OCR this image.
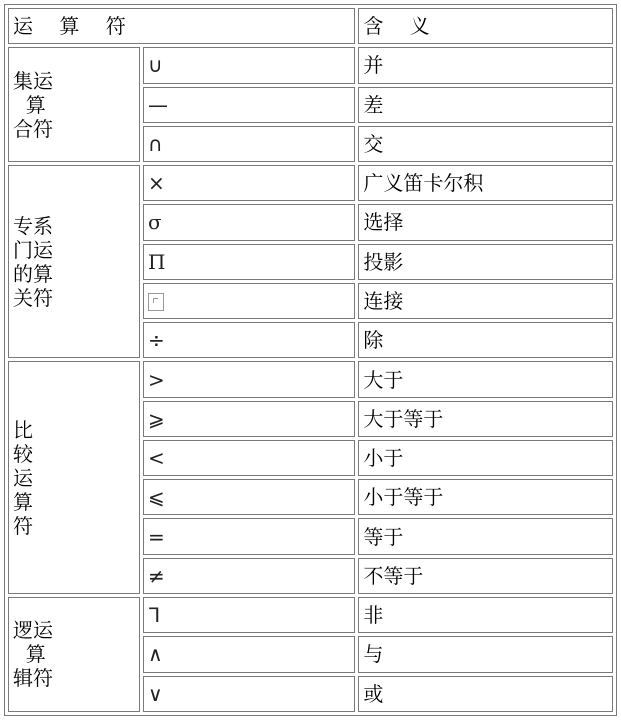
运 算 符		含 义
集运
算
合符	∪	并
	—	差
	∩	交
专系
门运
的算
关符	×	广义笛卡尔积
	σ	选择
	Π	投影
		连接
	÷	除
比
较
运
算
符	>	大于
	⩾	大于等于
	<	小于
	⩽	小于等于
	=	等于
	≠	不等于
逻运
算
辑符	ᒣ	非
	∧	与
	∨	或
